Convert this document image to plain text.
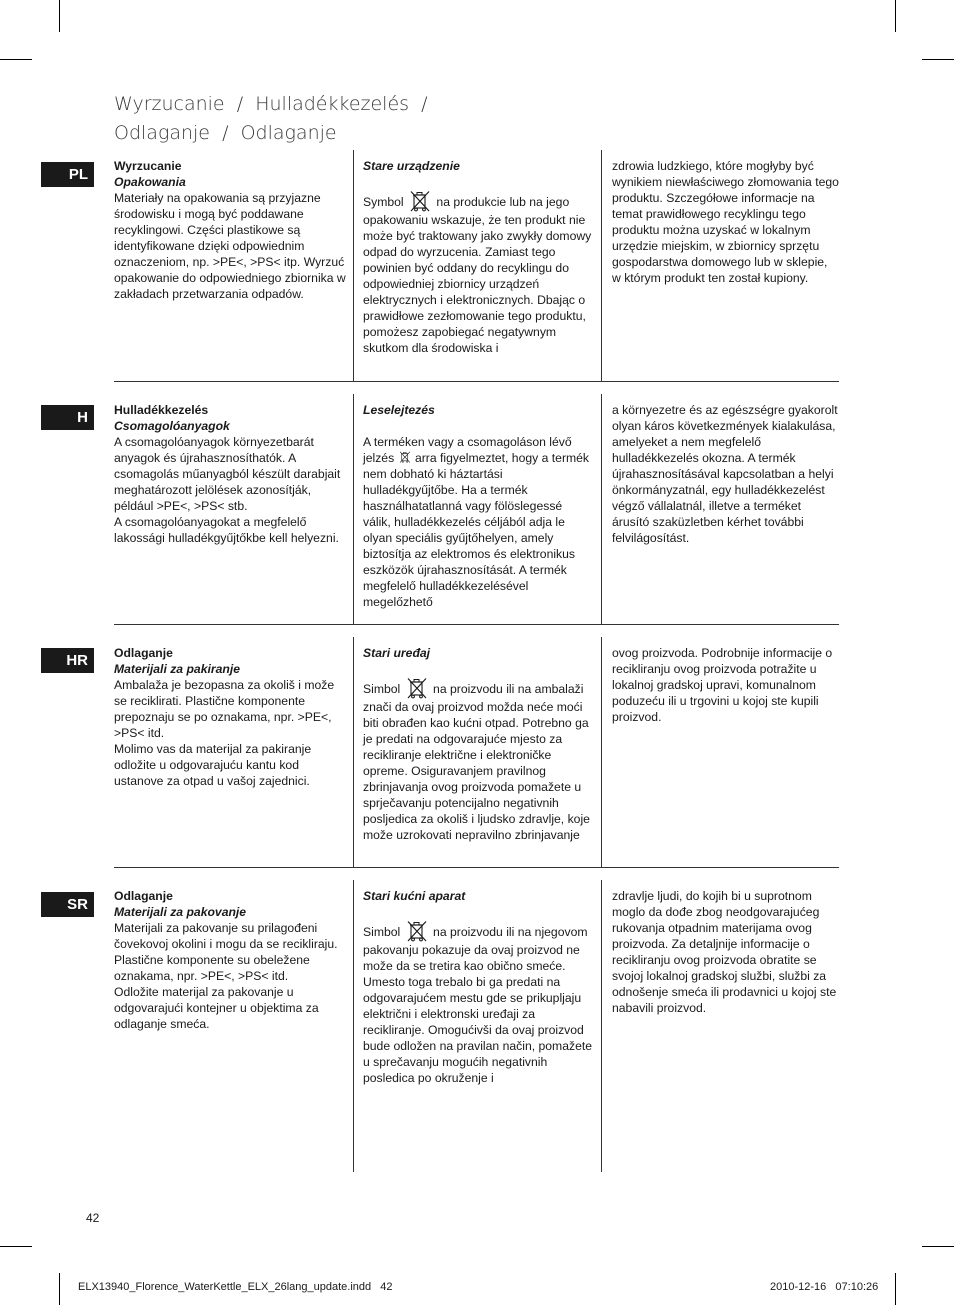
Wyrzucanie / Hulladékkezelés /
Odlaganje / Odlaganje
PL	Wyrzucanie

Opakowania

Materiały na opakowania są przyjazne środowisku i mogą być poddawane recyklingowi. Części plastikowe są identyfikowane dzięki odpowiednim oznaczeniom, np. >PE<, >PS< itp. Wyrzuć opakowanie do odpowiedniego zbiornika w zakładach przetwarzania odpadów.

Stare urządzenie

Symbol  na produkcie lub na jego opakowaniu wskazuje, że ten produkt nie może być traktowany jako zwykły domowy odpad do wyrzucenia. Zamiast tego powinien być oddany do recyklingu do odpowiedniej zbiornicy urządzeń elektrycznych i elektronicznych. Dbając o prawidłowe zezłomowanie tego produktu, pomożesz zapobiegać negatywnym skutkom dla środowiska i

zdrowia ludzkiego, które mogłyby być wynikiem niewłaściwego złomowania tego produktu. Szczegółowe informacje na temat prawidłowego recyklingu tego produktu można uzyskać w lokalnym urzędzie miejskim, w zbiornicy sprzętu gospodarstwa domowego lub w sklepie, w którym produkt ten został kupiony.

H	Hulladékkezelés

Csomagolóanyagok

A csomagolóanyagok környezetbarát anyagok és újrahasznosíthatók. A csomagolás műanyagból készült darabjait meghatározott jelölések azonosítják, például >PE<, >PS< stb.
A csomagolóanyagokat a megfelelő lakossági hulladékgyűjtőkbe kell helyezni.

Leselejtezés

A terméken vagy a csomagoláson lévő jelzés  arra figyelmeztet, hogy a termék nem dobható ki háztartási hulladékgyűjtőbe. Ha a termék használhatatlanná vagy fölöslegessé válik, hulladékkezelés céljából adja le olyan speciális gyűjtőhelyen, amely biztosítja az elektromos és elektronikus eszközök újrahasznosítását. A termék megfelelő hulladékkezelésével megelőzhető

a környezetre és az egészségre gyakorolt olyan káros következmények kialakulása, amelyeket a nem megfelelő hulladékkezelés okozna. A termék újrahasznosításával kapcsolatban a helyi önkormányzatnál, egy hulladékkezelést végző vállalatnál, illetve a terméket árusító szaküzletben kérhet további felvilágosítást.

HR	Odlaganje

Materijali za pakiranje

Ambalaža je bezopasna za okoliš i može se reciklirati. Plastične komponente prepoznaju se po oznakama, npr. >PE<, >PS< itd.
Molimo vas da materijal za pakiranje odložite u odgovarajuću kantu kod ustanove za otpad u vašoj zajednici.

Stari uređaj

Simbol  na proizvodu ili na ambalaži znači da ovaj proizvod možda neće moći biti obrađen kao kućni otpad. Potrebno ga je predati na odgovarajuće mjesto za recikliranje električne i elektroničke opreme. Osiguravanjem pravilnog zbrinjavanja ovog proizvoda pomažete u sprječavanju potencijalno negativnih posljedica za okoliš i ljudsko zdravlje, koje može uzrokovati nepravilno zbrinjavanje

ovog proizvoda. Podrobnije informacije o recikliranju ovog proizvoda potražite u lokalnoj gradskoj upravi, komunalnom poduzeću ili u trgovini u kojoj ste kupili proizvod.

SR	Odlaganje

Materijali za pakovanje

Materijali za pakovanje su prilagođeni čovekovoj okolini i mogu da se recikliraju. Plastične komponente su obeležene oznakama, npr. >PE<, >PS< itd.
Odložite materijal za pakovanje u odgovarajući kontejner u objektima za odlaganje smeća.

Stari kućni aparat

Simbol  na proizvodu ili na njegovom pakovanju pokazuje da ovaj proizvod ne može da se tretira kao obično smeće. Umesto toga trebalo bi ga predati na odgovarajućem mestu gde se prikupljaju električni i elektronski uređaji za recikliranje. Omogućivši da ovaj proizvod bude odložen na pravilan način, pomažete u sprečavanju mogućih negativnih posledica po okruženje i

zdravlje ljudi, do kojih bi u suprotnom moglo da dođe zbog neodgovarajućeg rukovanja otpadnim materijama ovog proizvoda. Za detaljnije informacije o recikliranju ovog proizvoda obratite se svojoj lokalnoj gradskoj službi, službi za odnošenje smeća ili prodavnici u kojoj ste nabavili proizvod.

42
ELX13940_Florence_WaterKettle_ELX_26lang_update.indd   42	2010-12-16   07:10:26
